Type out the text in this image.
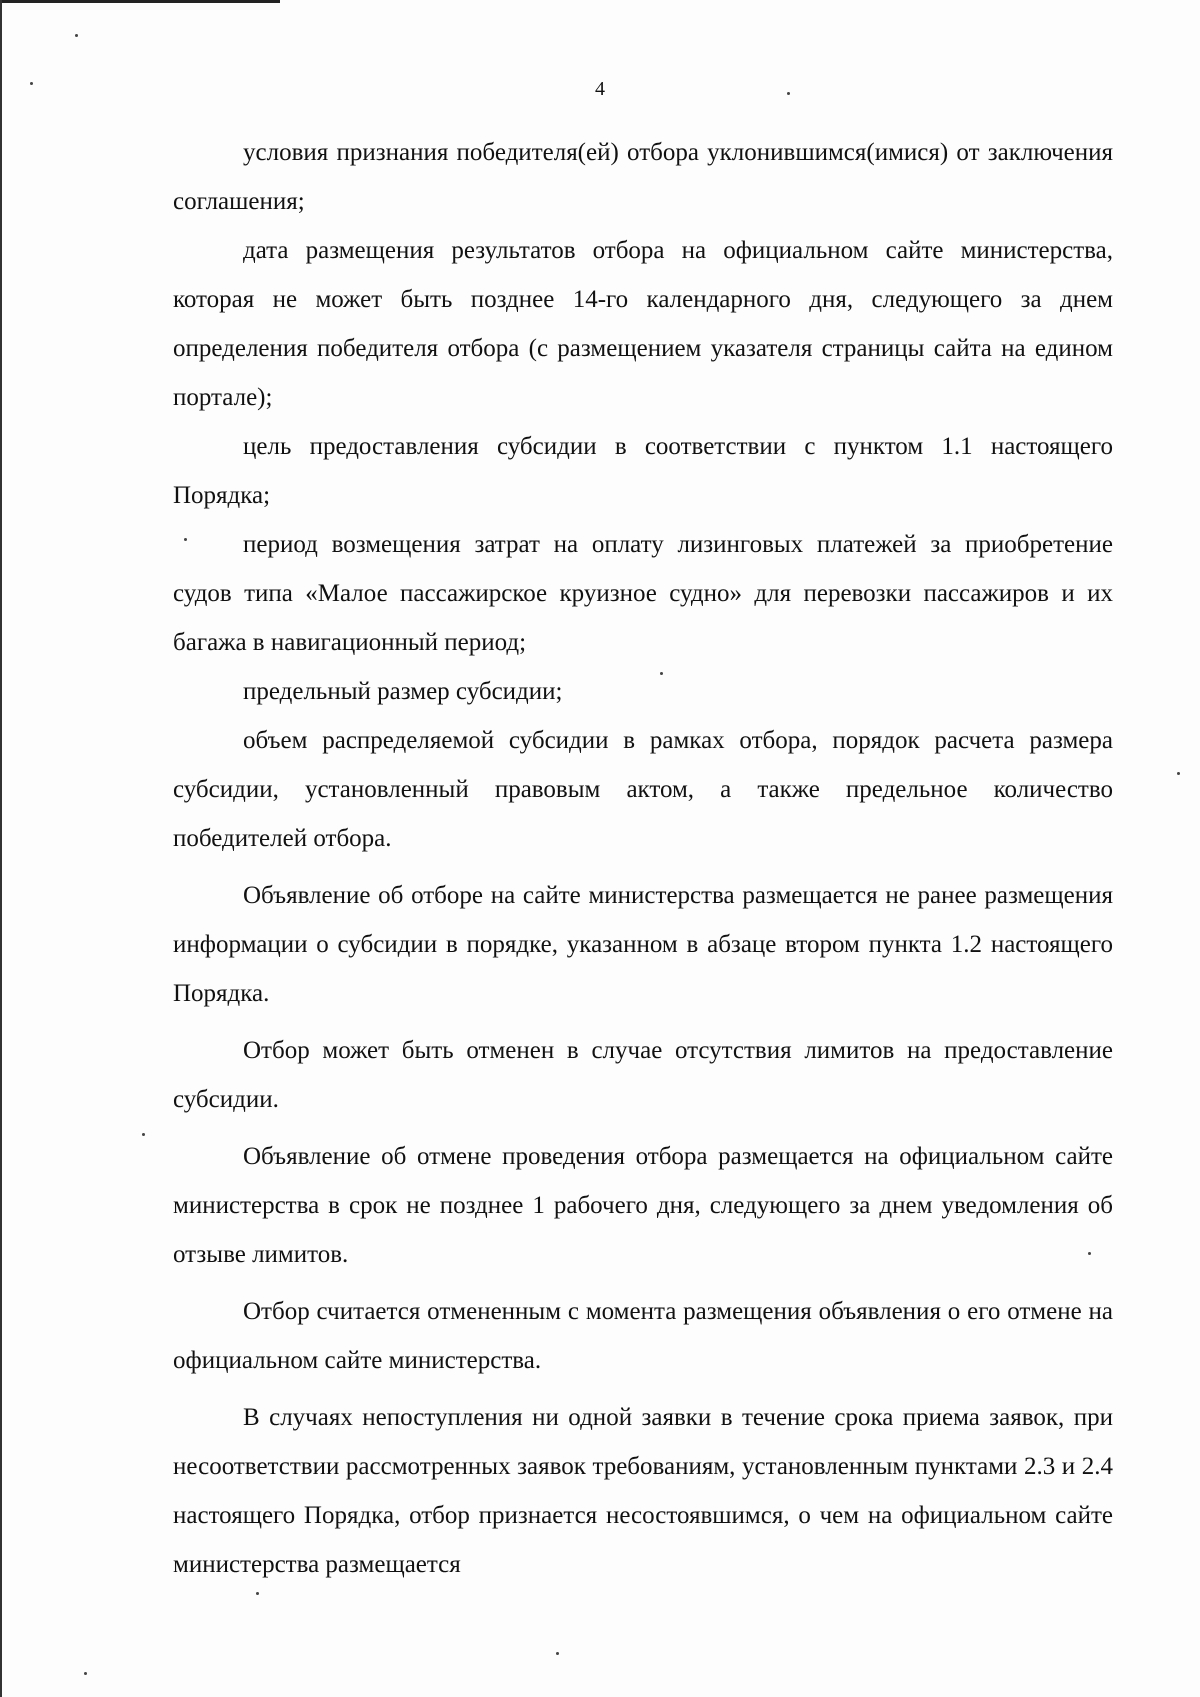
4

условия признания победителя(ей) отбора уклонившимся(имися) от заключения соглашения;

дата размещения результатов отбора на официальном сайте министерства, которая не может быть позднее 14-го календарного дня, следующего за днем определения победителя отбора (с размещением указателя страницы сайта на едином портале);

цель предоставления субсидии в соответствии с пунктом 1.1 настоящего Порядка;

период возмещения затрат на оплату лизинговых платежей за приобретение судов типа «Малое пассажирское круизное судно» для перевозки пассажиров и их багажа в навигационный период;

предельный размер субсидии;

объем распределяемой субсидии в рамках отбора, порядок расчета размера субсидии, установленный правовым актом, а также предельное количество победителей отбора.

Объявление об отборе на сайте министерства размещается не ранее размещения информации о субсидии в порядке, указанном в абзаце втором пункта 1.2 настоящего Порядка.

Отбор может быть отменен в случае отсутствия лимитов на предоставление субсидии.

Объявление об отмене проведения отбора размещается на официальном сайте министерства в срок не позднее 1 рабочего дня, следующего за днем уведомления об отзыве лимитов.

Отбор считается отмененным с момента размещения объявления о его отмене на официальном сайте министерства.

В случаях непоступления ни одной заявки в течение срока приема заявок, при несоответствии рассмотренных заявок требованиям, установленным пунктами 2.3 и 2.4 настоящего Порядка, отбор признается несостоявшимся, о чем на официальном сайте министерства размещается
